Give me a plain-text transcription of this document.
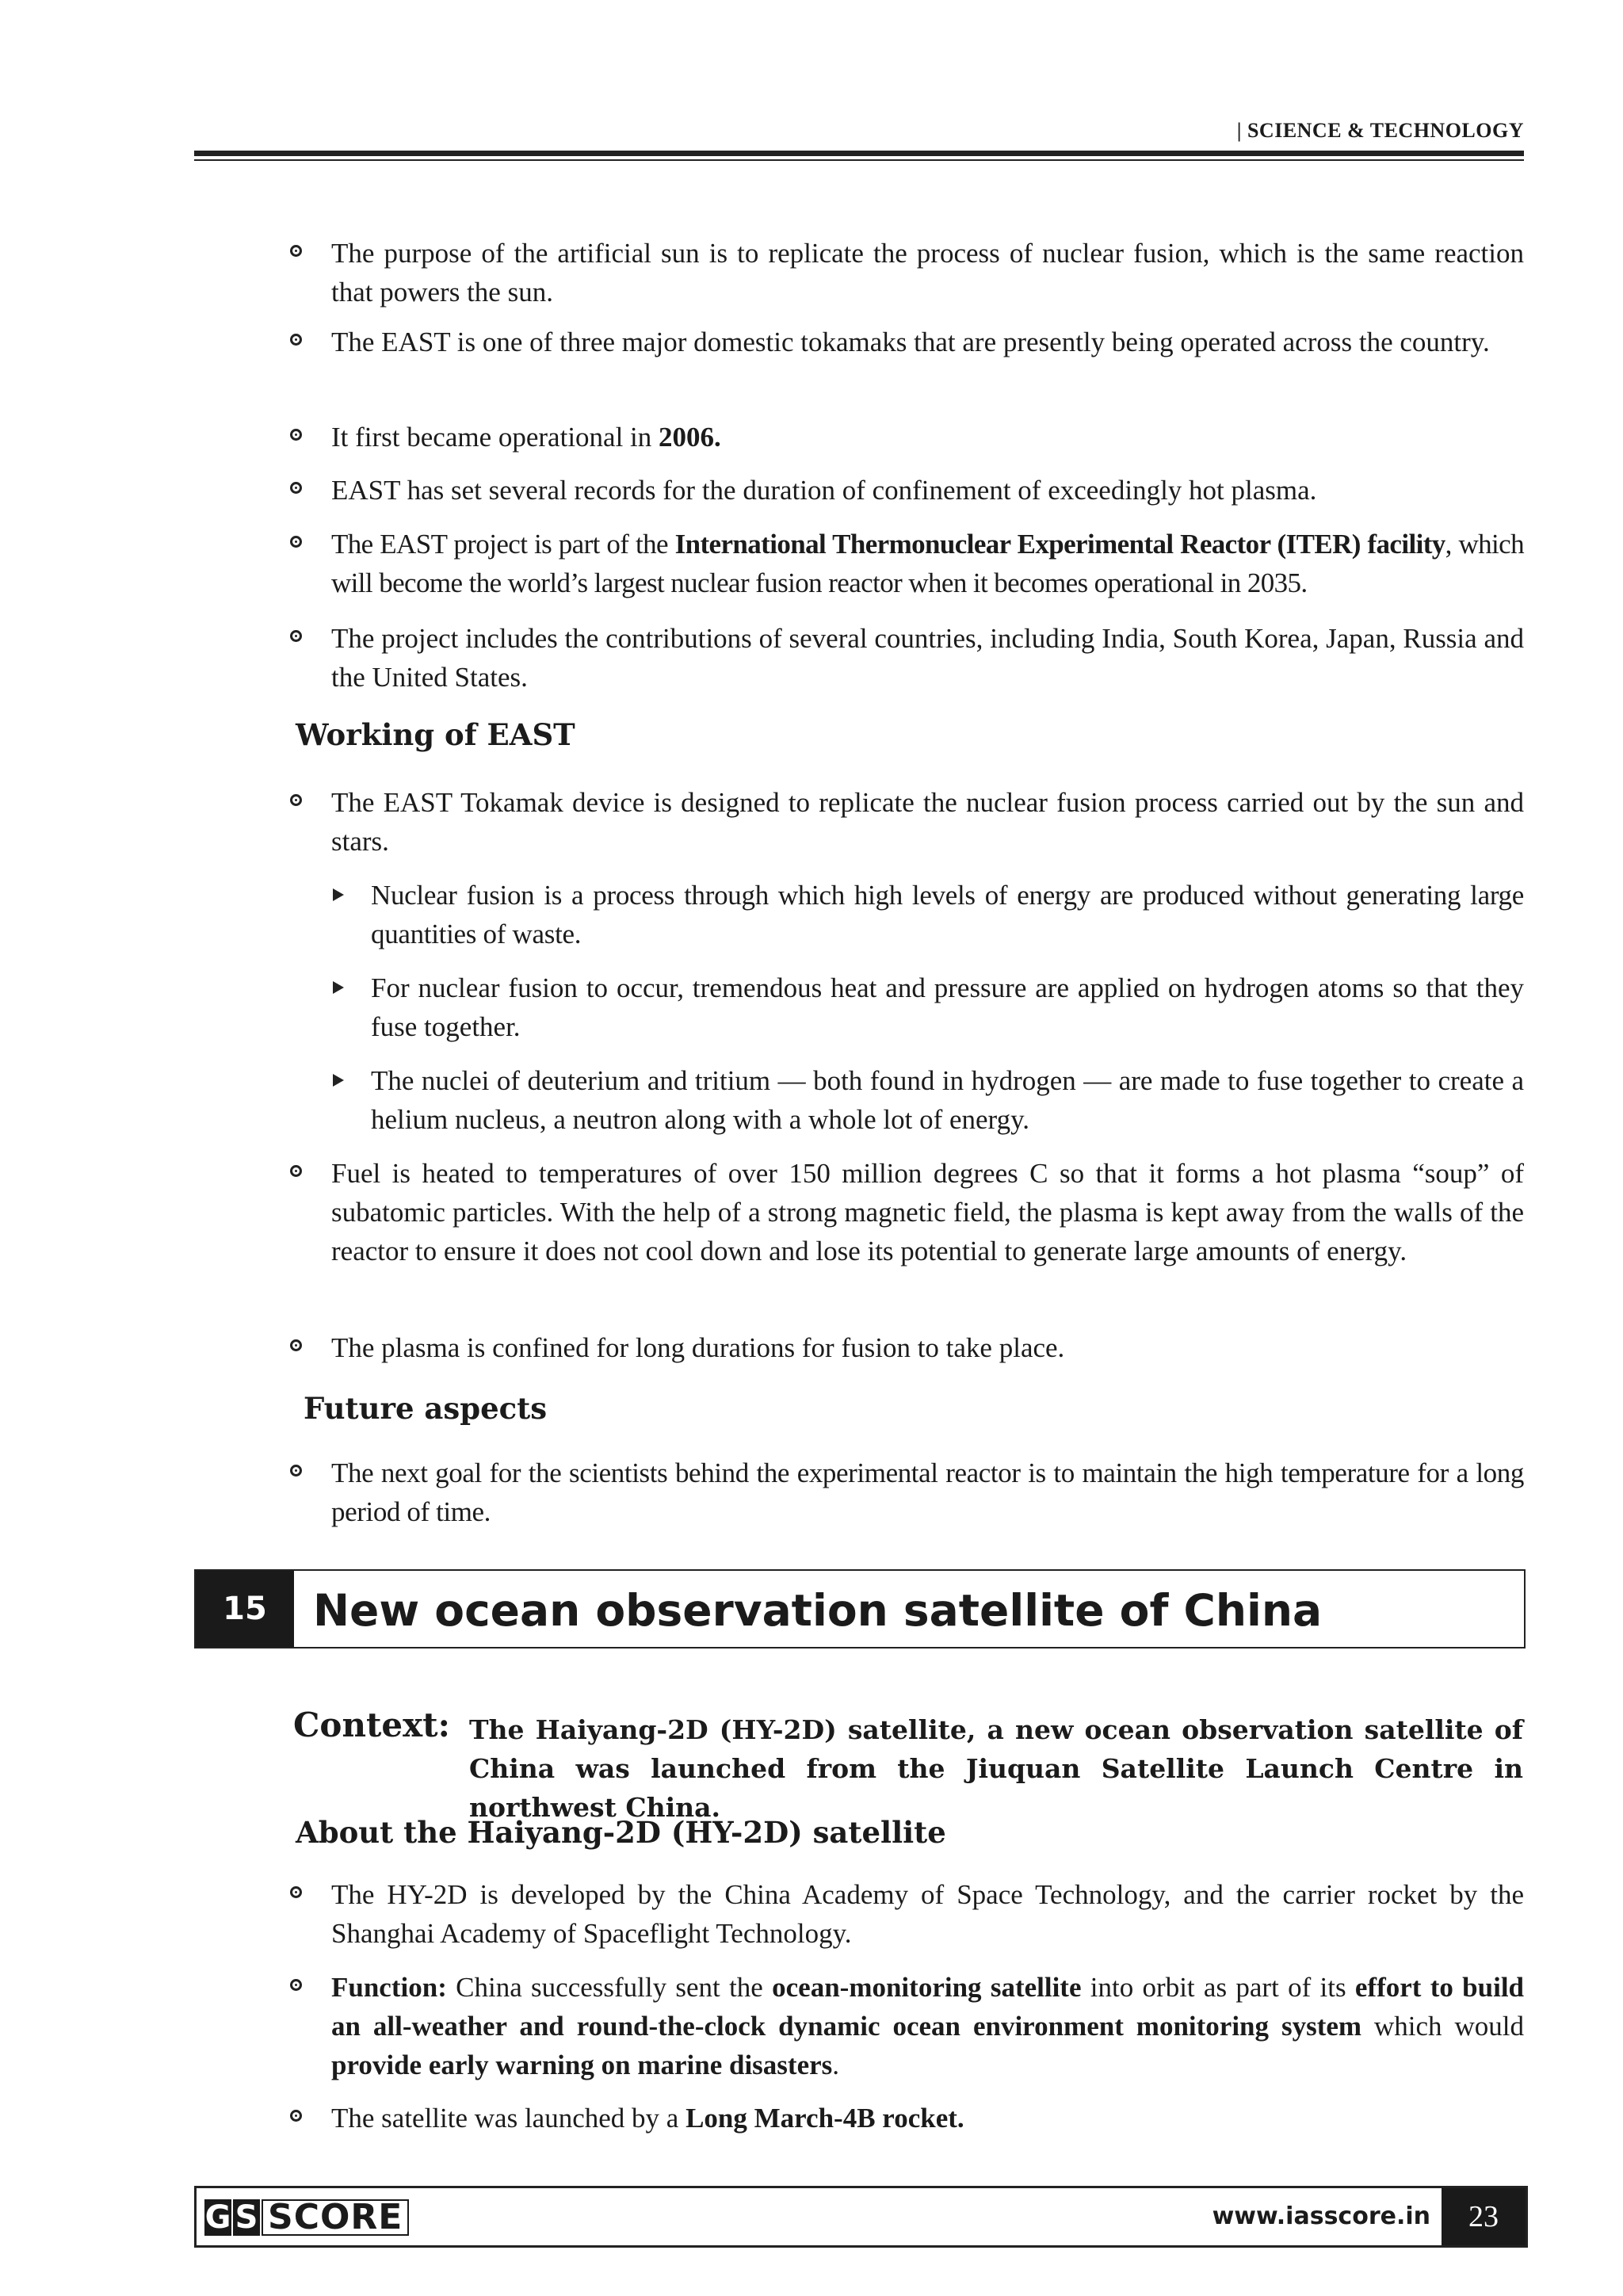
| SCIENCE & TECHNOLOGY
The purpose of the artificial sun is to replicate the process of nuclear fusion, which is the same reaction that powers the sun.
The EAST is one of three major domestic tokamaks that are presently being operated across the country.
It first became operational in 2006.
EAST has set several records for the duration of confinement of exceedingly hot plasma.
The EAST project is part of the International Thermonuclear Experimental Reactor (ITER) facility, which will become the world’s largest nuclear fusion reactor when it becomes operational in 2035.
The project includes the contributions of several countries, including India, South Korea, Japan, Russia and the United States.
Working of EAST
The EAST Tokamak device is designed to replicate the nuclear fusion process carried out by the sun and stars.
Nuclear fusion is a process through which high levels of energy are produced without generating large quantities of waste.
For nuclear fusion to occur, tremendous heat and pressure are applied on hydrogen atoms so that they fuse together.
The nuclei of deuterium and tritium — both found in hydrogen — are made to fuse together to create a helium nucleus, a neutron along with a whole lot of energy.
Fuel is heated to temperatures of over 150 million degrees C so that it forms a hot plasma “soup” of subatomic particles. With the help of a strong magnetic field, the plasma is kept away from the walls of the reactor to ensure it does not cool down and lose its potential to generate large amounts of energy.
The plasma is confined for long durations for fusion to take place.
Future aspects
The next goal for the scientists behind the experimental reactor is to maintain the high temperature for a long period of time.
15	New ocean observation satellite of China
Context: The Haiyang-2D (HY-2D) satellite, a new ocean observation satellite of China was launched from the Jiuquan Satellite Launch Centre in northwest China.
About the Haiyang-2D (HY-2D) satellite
The HY-2D is developed by the China Academy of Space Technology, and the carrier rocket by the Shanghai Academy of Spaceflight Technology.
Function: China successfully sent the ocean-monitoring satellite into orbit as part of its effort to build an all-weather and round-the-clock dynamic ocean environment monitoring system which would provide early warning on marine disasters.
The satellite was launched by a Long March-4B rocket.
G S SCORE	www.iasscore.in	23
